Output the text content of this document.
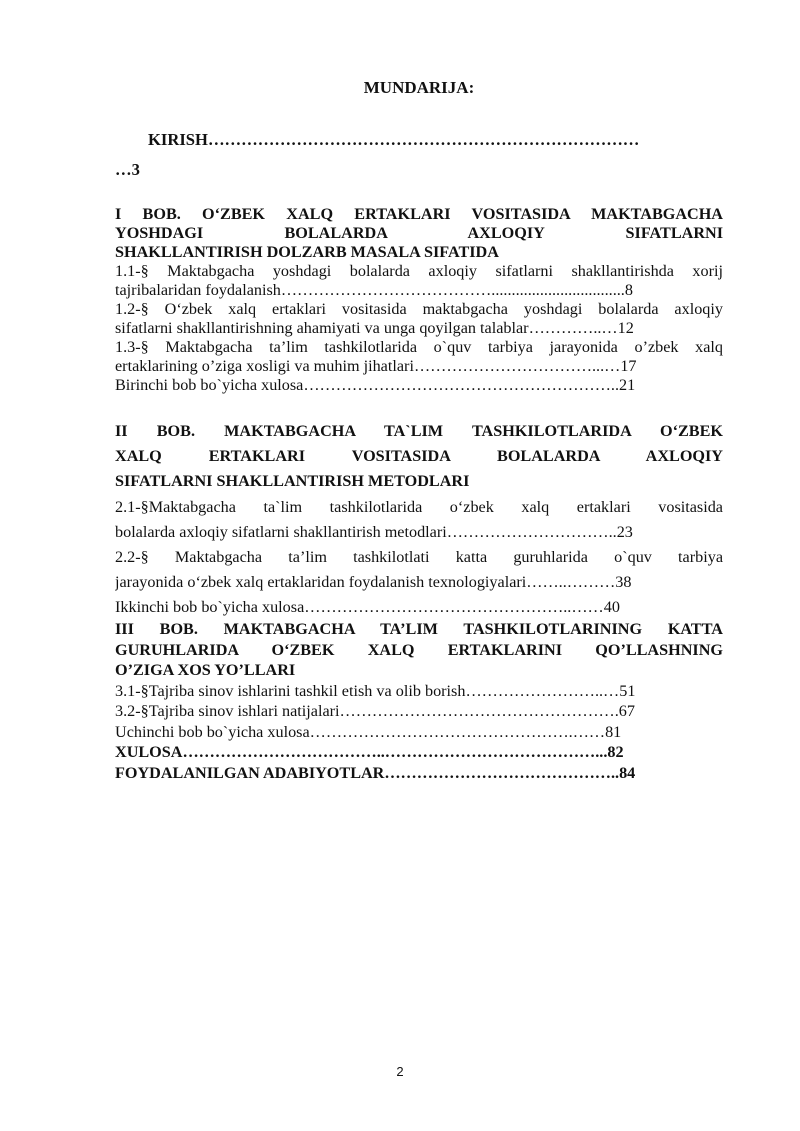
MUNDARIJA:
KIRISH……………………………………………………………………
…3
I BOB. O‘ZBEK XALQ ERTAKLARI VOSITASIDA MAKTABGACHA
YOSHDAGI BOLALARDA AXLOQIY SIFATLARNI
SHAKLLANTIRISH DOLZARB MASALA SIFATIDA
1.1-§ Maktabgacha yoshdagi bolalarda axloqiy sifatlarni shakllantirishda xorij
tajribalaridan foydalanish………………………………….................................8
1.2-§ O‘zbek xalq ertaklari vositasida maktabgacha yoshdagi bolalarda axloqiy
sifatlarni shakllantirishning ahamiyati va unga qoyilgan talablar…………..…12
1.3-§ Maktabgacha ta’lim tashkilotlarida o`quv tarbiya jarayonida o’zbek xalq
ertaklarining o’ziga xosligi va muhim jihatlari……………………………...…17
Birinchi bob bo`yicha xulosa…………………………………………………..21
II BOB. MAKTABGACHA TA`LIM TASHKILOTLARIDA O‘ZBEK
XALQ ERTAKLARI VOSITASIDA BOLALARDA AXLOQIY
SIFATLARNI SHAKLLANTIRISH METODLARI
2.1-§Maktabgacha ta`lim tashkilotlarida o‘zbek xalq ertaklari vositasida
bolalarda axloqiy sifatlarni shakllantirish metodlari…………………………..23
2.2-§ Maktabgacha ta’lim tashkilotlati katta guruhlarida o`quv tarbiya
jarayonida o‘zbek xalq ertaklaridan foydalanish texnologiyalari……..………38
Ikkinchi bob bo`yicha xulosa…………………………………………..……40
III BOB. MAKTABGACHA TA’LIM TASHKILOTLARINING KATTA
GURUHLARIDA O‘ZBEK XALQ ERTAKLARINI QO’LLASHNING
O’ZIGA XOS YO’LLARI
3.1-§Tajriba sinov ishlarini tashkil etish va olib borish……………………..…51
3.2-§Tajriba sinov ishlari natijalari…………………………………………….67
Uchinchi bob bo`yicha xulosa………………………………………….……81
XULOSA………………………………..…………………………………...82
FOYDALANILGAN ADABIYOTLAR……………………………………..84
2
